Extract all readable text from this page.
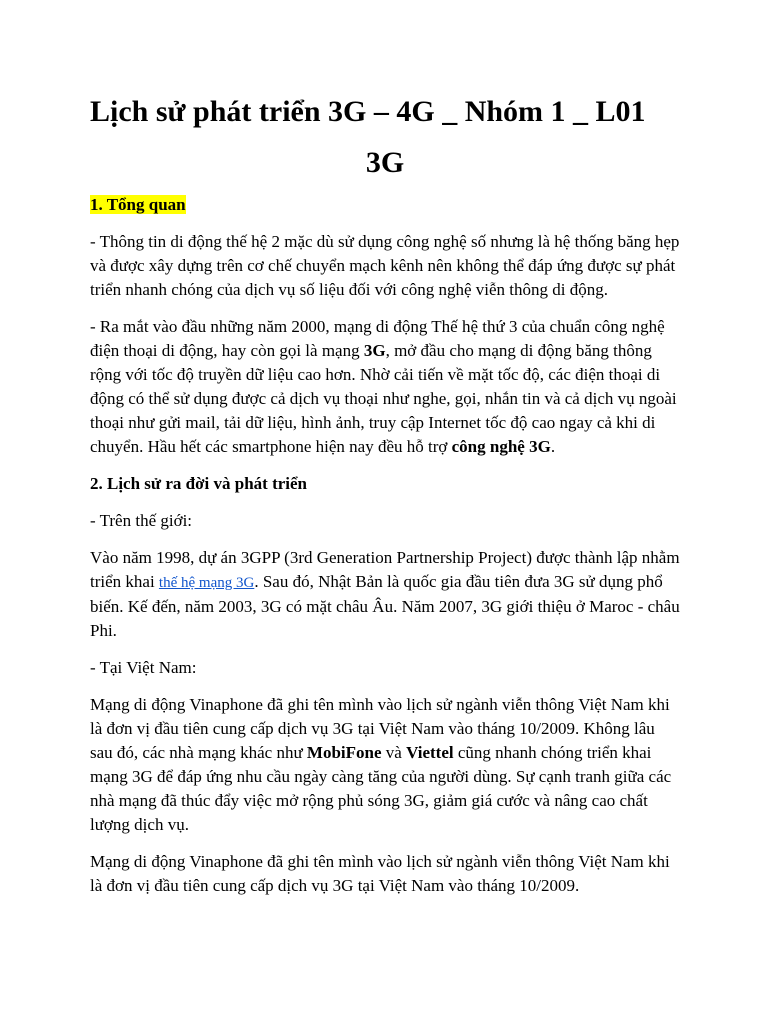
Lịch sử phát triển 3G – 4G _ Nhóm 1 _ L01
3G

1. Tổng quan

- Thông tin di động thế hệ 2 mặc dù sử dụng công nghệ số nhưng là hệ thống băng hẹp và được xây dựng trên cơ chế chuyển mạch kênh nên không thể đáp ứng được sự phát triển nhanh chóng của dịch vụ số liệu đối với công nghệ viễn thông di động.

- Ra mắt vào đầu những năm 2000, mạng di động Thế hệ thứ 3 của chuẩn công nghệ điện thoại di động, hay còn gọi là mạng 3G, mở đầu cho mạng di động băng thông rộng với tốc độ truyền dữ liệu cao hơn. Nhờ cải tiến về mặt tốc độ, các điện thoại di động có thể sử dụng được cả dịch vụ thoại như nghe, gọi, nhắn tin và cả dịch vụ ngoài thoại như gửi mail, tải dữ liệu, hình ảnh, truy cập Internet tốc độ cao ngay cả khi di chuyển. Hầu hết các smartphone hiện nay đều hỗ trợ công nghệ 3G.

2. Lịch sử ra đời và phát triển

- Trên thế giới:

Vào năm 1998, dự án 3GPP (3rd Generation Partnership Project) được thành lập nhằm triển khai thế hệ mạng 3G. Sau đó, Nhật Bản là quốc gia đầu tiên đưa 3G sử dụng phổ biến. Kế đến, năm 2003, 3G có mặt châu Âu. Năm 2007, 3G giới thiệu ở Maroc - châu Phi.

- Tại Việt Nam:

Mạng di động Vinaphone đã ghi tên mình vào lịch sử ngành viễn thông Việt Nam khi là đơn vị đầu tiên cung cấp dịch vụ 3G tại Việt Nam vào tháng 10/2009. Không lâu sau đó, các nhà mạng khác như MobiFone và Viettel cũng nhanh chóng triển khai mạng 3G để đáp ứng nhu cầu ngày càng tăng của người dùng. Sự cạnh tranh giữa các nhà mạng đã thúc đẩy việc mở rộng phủ sóng 3G, giảm giá cước và nâng cao chất lượng dịch vụ.

Mạng di động Vinaphone đã ghi tên mình vào lịch sử ngành viễn thông Việt Nam khi là đơn vị đầu tiên cung cấp dịch vụ 3G tại Việt Nam vào tháng 10/2009.
